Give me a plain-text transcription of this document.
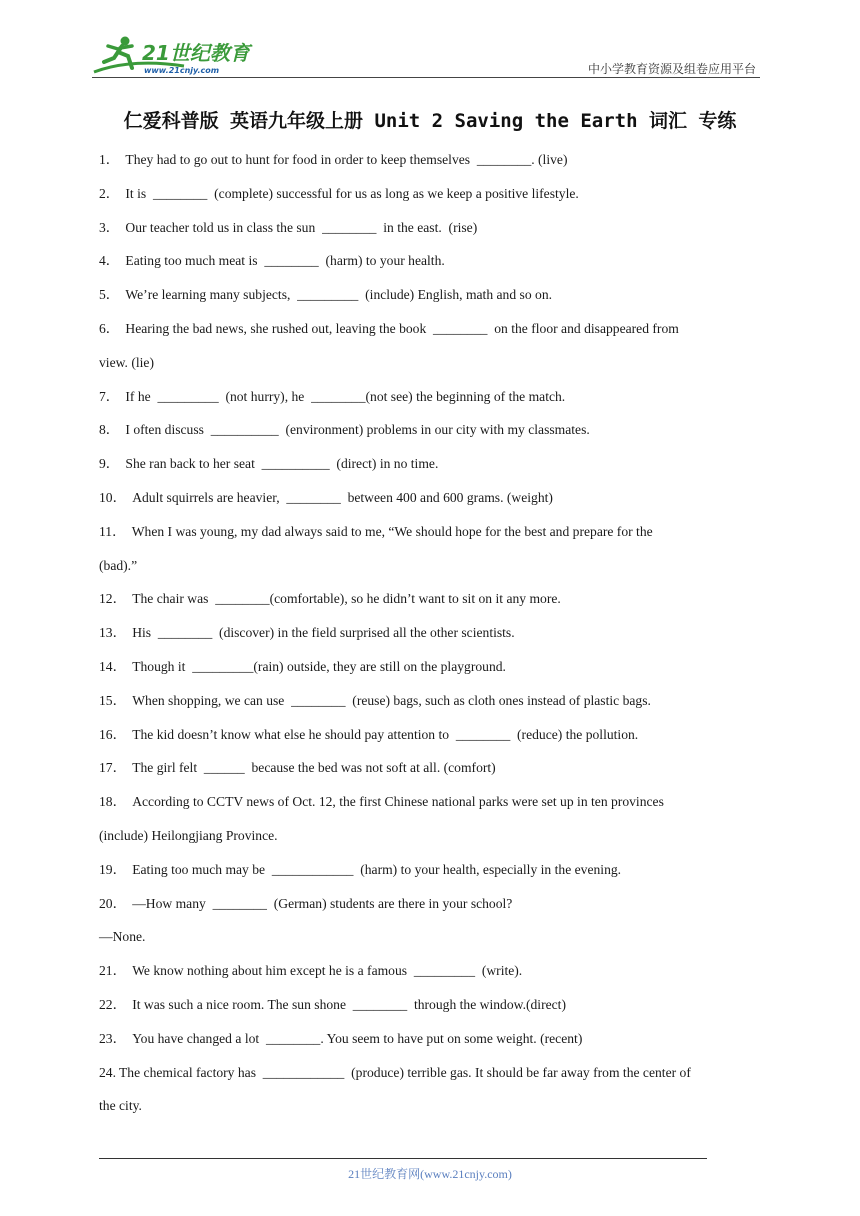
21世纪教育
www.21cnjy.com	中小学教育资源及组卷应用平台
仁爱科普版 英语九年级上册 Unit 2 Saving the Earth 词汇 专练
1． They had to go out to hunt for food in order to keep themselves  ________. (live)
2． It is  ________  (complete) successful for us as long as we keep a positive lifestyle.
3． Our teacher told us in class the sun  ________  in the east.  (rise)
4． Eating too much meat is  ________  (harm) to your health.
5． We’re learning many subjects,  _________  (include) English, math and so on.
6． Hearing the bad news, she rushed out, leaving the book  ________  on the floor and disappeared from
view. (lie)
7． If he  _________  (not hurry), he  ________(not see) the beginning of the match.
8． I often discuss  __________  (environment) problems in our city with my classmates.
9． She ran back to her seat  __________  (direct) in no time.
10． Adult squirrels are heavier,  ________  between 400 and 600 grams. (weight)
11． When I was young, my dad always said to me, “We should hope for the best and prepare for the
(bad).”
12． The chair was  ________(comfortable), so he didn’t want to sit on it any more.
13． His  ________  (discover) in the field surprised all the other scientists.
14． Though it  _________(rain) outside, they are still on the playground.
15． When shopping, we can use  ________  (reuse) bags, such as cloth ones instead of plastic bags.
16． The kid doesn’t know what else he should pay attention to  ________  (reduce) the pollution.
17． The girl felt  ______  because the bed was not soft at all. (comfort)
18． According to CCTV news of Oct. 12, the first Chinese national parks were set up in ten provinces
(include) Heilongjiang Province.
19． Eating too much may be  ____________  (harm) to your health, especially in the evening.
20． —How many  ________  (German) students are there in your school?
—None.
21． We know nothing about him except he is a famous  _________  (write).
22． It was such a nice room. The sun shone  ________  through the window.(direct)
23． You have changed a lot  ________. You seem to have put on some weight. (recent)
24. The chemical factory has  ____________  (produce) terrible gas. It should be far away from the center of
the city.
21世纪教育网(www.21cnjy.com)
